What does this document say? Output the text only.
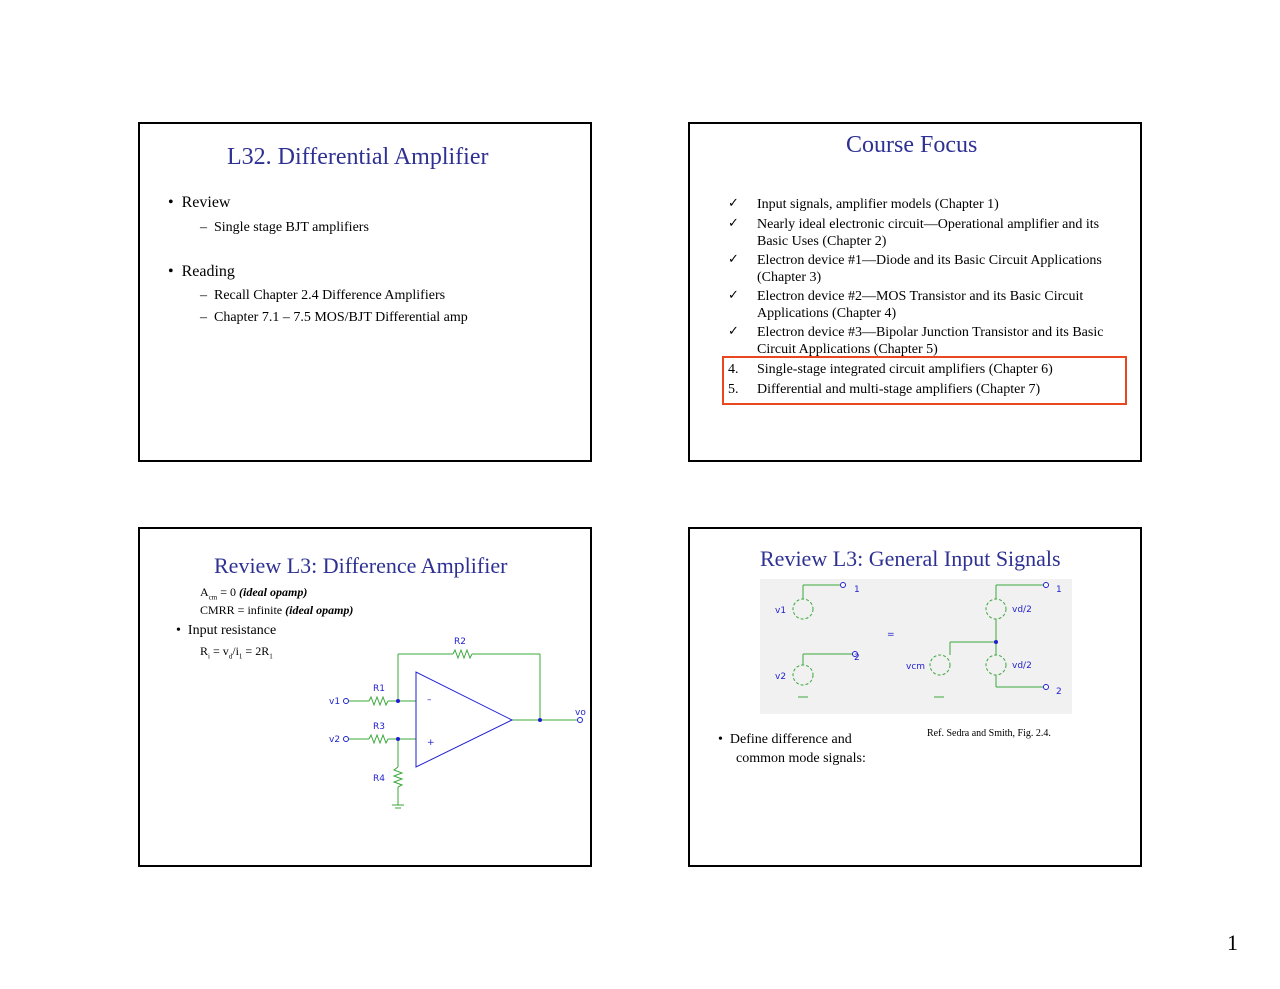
L32. Differential Amplifier
•  Review
–  Single stage BJT amplifiers
•  Reading
–  Recall Chapter 2.4 Difference Amplifiers
–  Chapter 7.1 – 7.5 MOS/BJT Differential amp
Course Focus
✓ Input signals, amplifier models (Chapter 1)
✓ Nearly ideal electronic circuit—Operational amplifier and its Basic Uses (Chapter 2)
✓ Electron device #1—Diode and its Basic Circuit Applications (Chapter 3)
✓ Electron device #2—MOS Transistor and its Basic Circuit Applications (Chapter 4)
✓ Electron device #3—Bipolar Junction Transistor and its Basic Circuit Applications (Chapter 5)
4. Single-stage integrated circuit amplifiers (Chapter 6)
5. Differential and multi-stage amplifiers (Chapter 7)
Review L3: Difference Amplifier
$A_{cm} = 0$ (ideal opamp)
CMRR = infinite (ideal opamp)
•  Input resistance
$R_i = v_d/i_1 = 2R_1$
R2
R1
R3
R4
v1
v2
vo
–
+
Review L3: General Input Signals
v1
v2
vcm
vd/2
vd/2
1
2
1
2
=
Ref. Sedra and Smith, Fig. 2.4.
•  Define difference and
common mode signals:
1
